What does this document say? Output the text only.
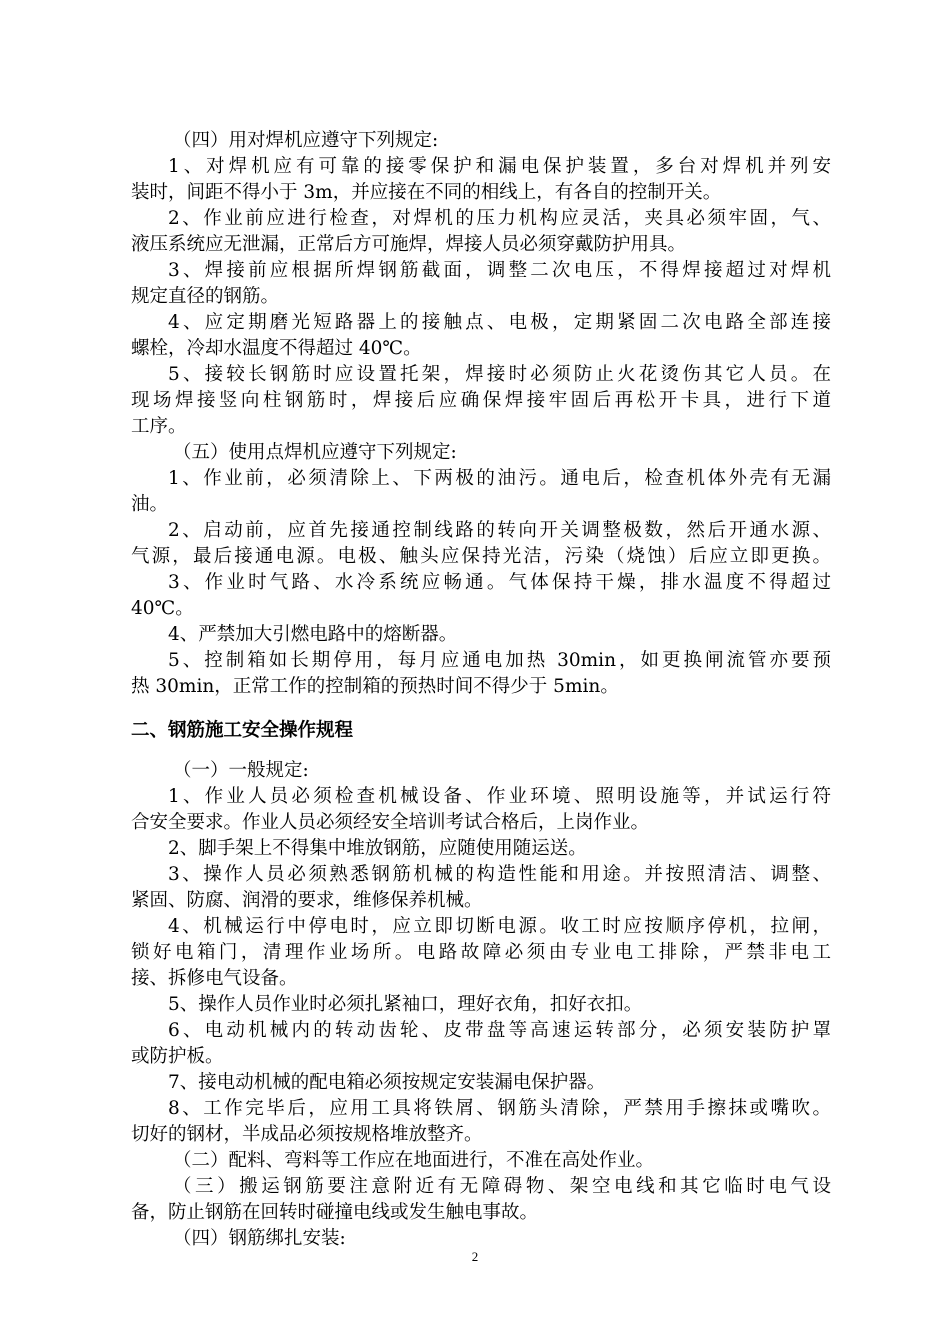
（四）用对焊机应遵守下列规定:
1、对焊机应有可靠的接零保护和漏电保护装置，多台对焊机并列安
装时，间距不得小于 3m，并应接在不同的相线上，有各自的控制开关。
2、作业前应进行检查，对焊机的压力机构应灵活，夹具必须牢固，气、
液压系统应无泄漏，正常后方可施焊，焊接人员必须穿戴防护用具。
3、焊接前应根据所焊钢筋截面，调整二次电压，不得焊接超过对焊机
规定直径的钢筋。
4、应定期磨光短路器上的接触点、电极，定期紧固二次电路全部连接
螺栓，冷却水温度不得超过 40℃。
5、接较长钢筋时应设置托架，焊接时必须防止火花烫伤其它人员。在
现场焊接竖向柱钢筋时，焊接后应确保焊接牢固后再松开卡具，进行下道
工序。
（五）使用点焊机应遵守下列规定:
1、作业前，必须清除上、下两极的油污。通电后，检查机体外壳有无漏
油。
2、启动前，应首先接通控制线路的转向开关调整极数，然后开通水源、
气源，最后接通电源。电极、触头应保持光洁，污染（烧蚀）后应立即更换。
3、作业时气路、水冷系统应畅通。气体保持干燥，排水温度不得超过
40℃。
4、严禁加大引燃电路中的熔断器。
5、控制箱如长期停用，每月应通电加热 30min，如更换闸流管亦要预
热 30min，正常工作的控制箱的预热时间不得少于 5min。
二、钢筋施工安全操作规程
（一）一般规定:
1、作业人员必须检查机械设备、作业环境、照明设施等，并试运行符
合安全要求。作业人员必须经安全培训考试合格后，上岗作业。
2、脚手架上不得集中堆放钢筋，应随使用随运送。
3、操作人员必须熟悉钢筋机械的构造性能和用途。并按照清洁、调整、
紧固、防腐、润滑的要求，维修保养机械。
4、机械运行中停电时，应立即切断电源。收工时应按顺序停机，拉闸，
锁好电箱门，清理作业场所。电路故障必须由专业电工排除，严禁非电工
接、拆修电气设备。
5、操作人员作业时必须扎紧袖口，理好衣角，扣好衣扣。
6、电动机械内的转动齿轮、皮带盘等高速运转部分，必须安装防护罩
或防护板。
7、接电动机械的配电箱必须按规定安装漏电保护器。
8、工作完毕后，应用工具将铁屑、钢筋头清除，严禁用手擦抹或嘴吹。
切好的钢材，半成品必须按规格堆放整齐。
（二）配料、弯料等工作应在地面进行，不准在高处作业。
（三）搬运钢筋要注意附近有无障碍物、架空电线和其它临时电气设
备，防止钢筋在回转时碰撞电线或发生触电事故。
（四）钢筋绑扎安装:
2
